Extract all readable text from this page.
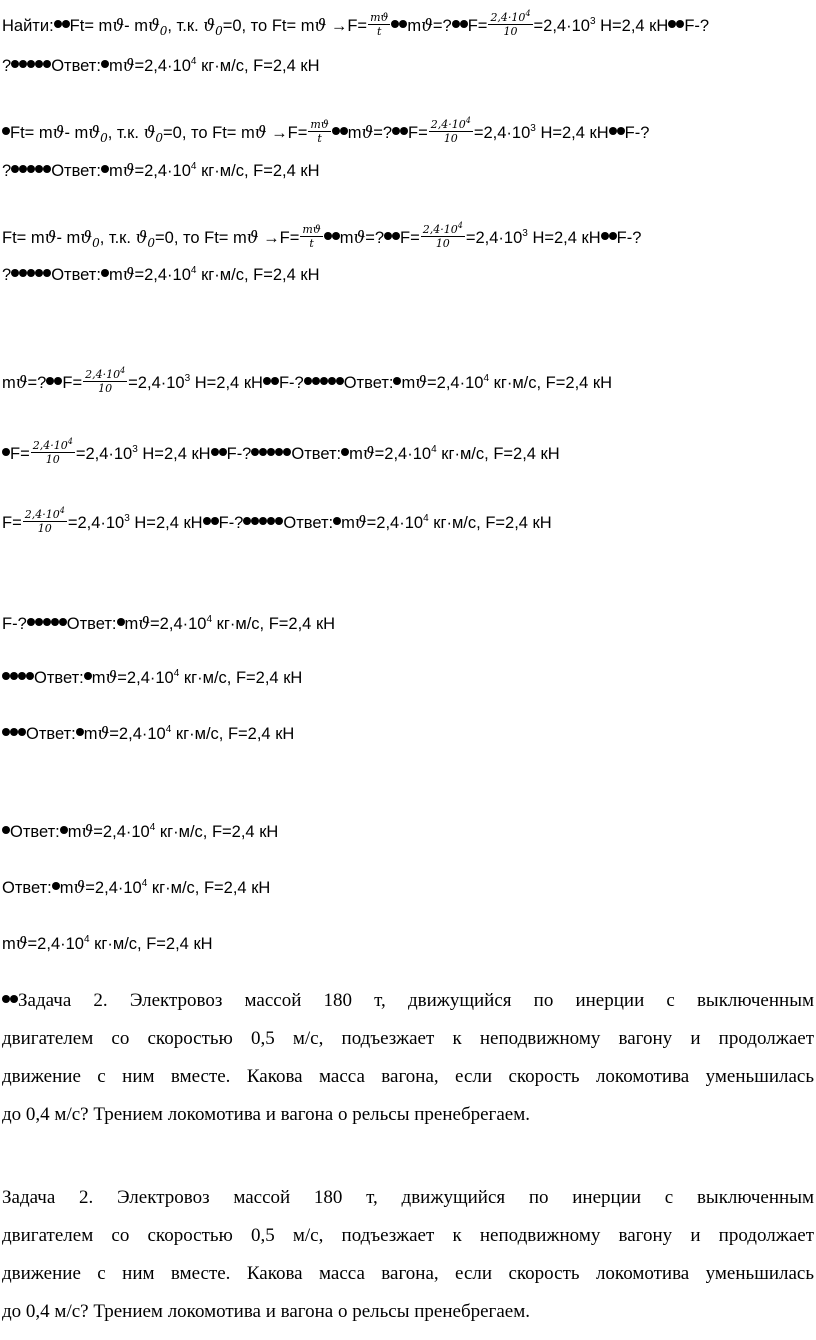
Найти: Ft= mϑ- $mϑ_0$, т.к. $ϑ_0=0$, то $Ft= mϑ \to F= \frac{mϑ}{t} mϑ=$? $F= \frac{2,4\cdot 10^4}{10} =2,4\cdot 10^3$ Н=2,4 кН F-?
? Ответ: $mϑ=2,4\cdot 10^4$ кг·м/с, F=2,4 кН
Ft= mϑ- $mϑ_0$, т.к. $ϑ_0=0$, то $Ft= mϑ \to F= \frac{mϑ}{t} mϑ=$? $F= \frac{2,4\cdot 10^4}{10} =2,4\cdot 10^3$ Н=2,4 кН F-?
? Ответ: $mϑ=2,4\cdot 10^4$ кг·м/с, F=2,4 кН
Ft= mϑ- $mϑ_0$, т.к. $ϑ_0=0$, то $Ft= mϑ \to F= \frac{mϑ}{t} mϑ=$? $F= \frac{2,4\cdot 10^4}{10} =2,4\cdot 10^3$ Н=2,4 кН F-?
? Ответ: $mϑ=2,4\cdot 10^4$ кг·м/с, F=2,4 кН
mϑ=? $F= \frac{2,4\cdot 10^4}{10} =2,4\cdot 10^3$ Н=2,4 кН F-? Ответ: $mϑ=2,4\cdot 10^4$ кг·м/с, F=2,4 кН
$F= \frac{2,4\cdot 10^4}{10} =2,4\cdot 10^3$ Н=2,4 кН F-? Ответ: $mϑ=2,4\cdot 10^4$ кг·м/с, F=2,4 кН
$F= \frac{2,4\cdot 10^4}{10} =2,4\cdot 10^3$ Н=2,4 кН F-? Ответ: $mϑ=2,4\cdot 10^4$ кг·м/с, F=2,4 кН
F-? Ответ: $mϑ=2,4\cdot 10^4$ кг·м/с, F=2,4 кН
Ответ: $mϑ=2,4\cdot 10^4$ кг·м/с, F=2,4 кН
Ответ: $mϑ=2,4\cdot 10^4$ кг·м/с, F=2,4 кН
Ответ: $mϑ=2,4\cdot 10^4$ кг·м/с, F=2,4 кН
Ответ: $mϑ=2,4\cdot 10^4$ кг·м/с, F=2,4 кН
$mϑ=2,4\cdot 10^4$ кг·м/с, F=2,4 кН
Задача 2. Электровоз массой 180 т, движущийся по инерции с выключенным
двигателем со скоростью 0,5 м/с, подъезжает к неподвижному вагону и продолжает
движение с ним вместе. Какова масса вагона, если скорость локомотива уменьшилась
до 0,4 м/с? Трением локомотива и вагона о рельсы пренебрегаем.
Задача 2. Электровоз массой 180 т, движущийся по инерции с выключенным
двигателем со скоростью 0,5 м/с, подъезжает к неподвижному вагону и продолжает
движение с ним вместе. Какова масса вагона, если скорость локомотива уменьшилась
до 0,4 м/с? Трением локомотива и вагона о рельсы пренебрегаем.
